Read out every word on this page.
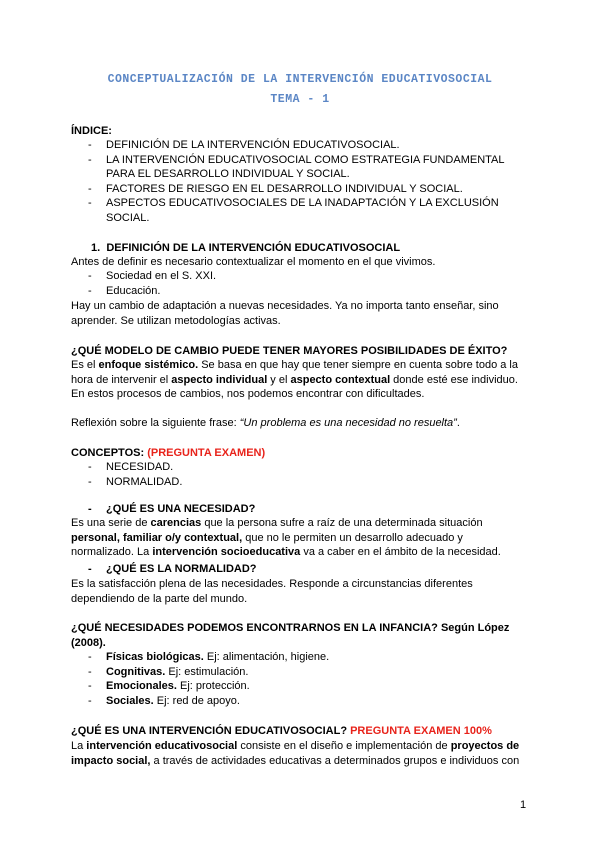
CONCEPTUALIZACIÓN DE LA INTERVENCIÓN EDUCATIVOSOCIAL
TEMA - 1
ÍNDICE:
- DEFINICIÓN DE LA INTERVENCIÓN EDUCATIVOSOCIAL.
- LA INTERVENCIÓN EDUCATIVOSOCIAL COMO ESTRATEGIA FUNDAMENTAL PARA EL DESARROLLO INDIVIDUAL Y SOCIAL.
- FACTORES DE RIESGO EN EL DESARROLLO INDIVIDUAL Y SOCIAL.
- ASPECTOS EDUCATIVOSOCIALES DE LA INADAPTACIÓN Y LA EXCLUSIÓN SOCIAL.
1. DEFINICIÓN DE LA INTERVENCIÓN EDUCATIVOSOCIAL
Antes de definir es necesario contextualizar el momento en el que vivimos.
- Sociedad en el S. XXI.
- Educación.
Hay un cambio de adaptación a nuevas necesidades. Ya no importa tanto enseñar, sino aprender. Se utilizan metodologías activas.
¿QUÉ MODELO DE CAMBIO PUEDE TENER MAYORES POSIBILIDADES DE ÉXITO?
Es el enfoque sistémico. Se basa en que hay que tener siempre en cuenta sobre todo a la hora de intervenir el aspecto individual y el aspecto contextual donde esté ese individuo. En estos procesos de cambios, nos podemos encontrar con dificultades.
Reflexión sobre la siguiente frase: “Un problema es una necesidad no resuelta”.
CONCEPTOS: (PREGUNTA EXAMEN)
- NECESIDAD.
- NORMALIDAD.
- ¿QUÉ ES UNA NECESIDAD?
Es una serie de carencias que la persona sufre a raíz de una determinada situación personal, familiar o/y contextual, que no le permiten un desarrollo adecuado y normalizado. La intervención socioeducativa va a caber en el ámbito de la necesidad.
- ¿QUÉ ES LA NORMALIDAD?
Es la satisfacción plena de las necesidades. Responde a circunstancias diferentes dependiendo de la parte del mundo.
¿QUÉ NECESIDADES PODEMOS ENCONTRARNOS EN LA INFANCIA? Según López (2008).
- Físicas biológicas. Ej: alimentación, higiene.
- Cognitivas. Ej: estimulación.
- Emocionales. Ej: protección.
- Sociales. Ej: red de apoyo.
¿QUÉ ES UNA INTERVENCIÓN EDUCATIVOSOCIAL? PREGUNTA EXAMEN 100%
La intervención educativosocial consiste en el diseño e implementación de proyectos de impacto social, a través de actividades educativas a determinados grupos e individuos con
1
